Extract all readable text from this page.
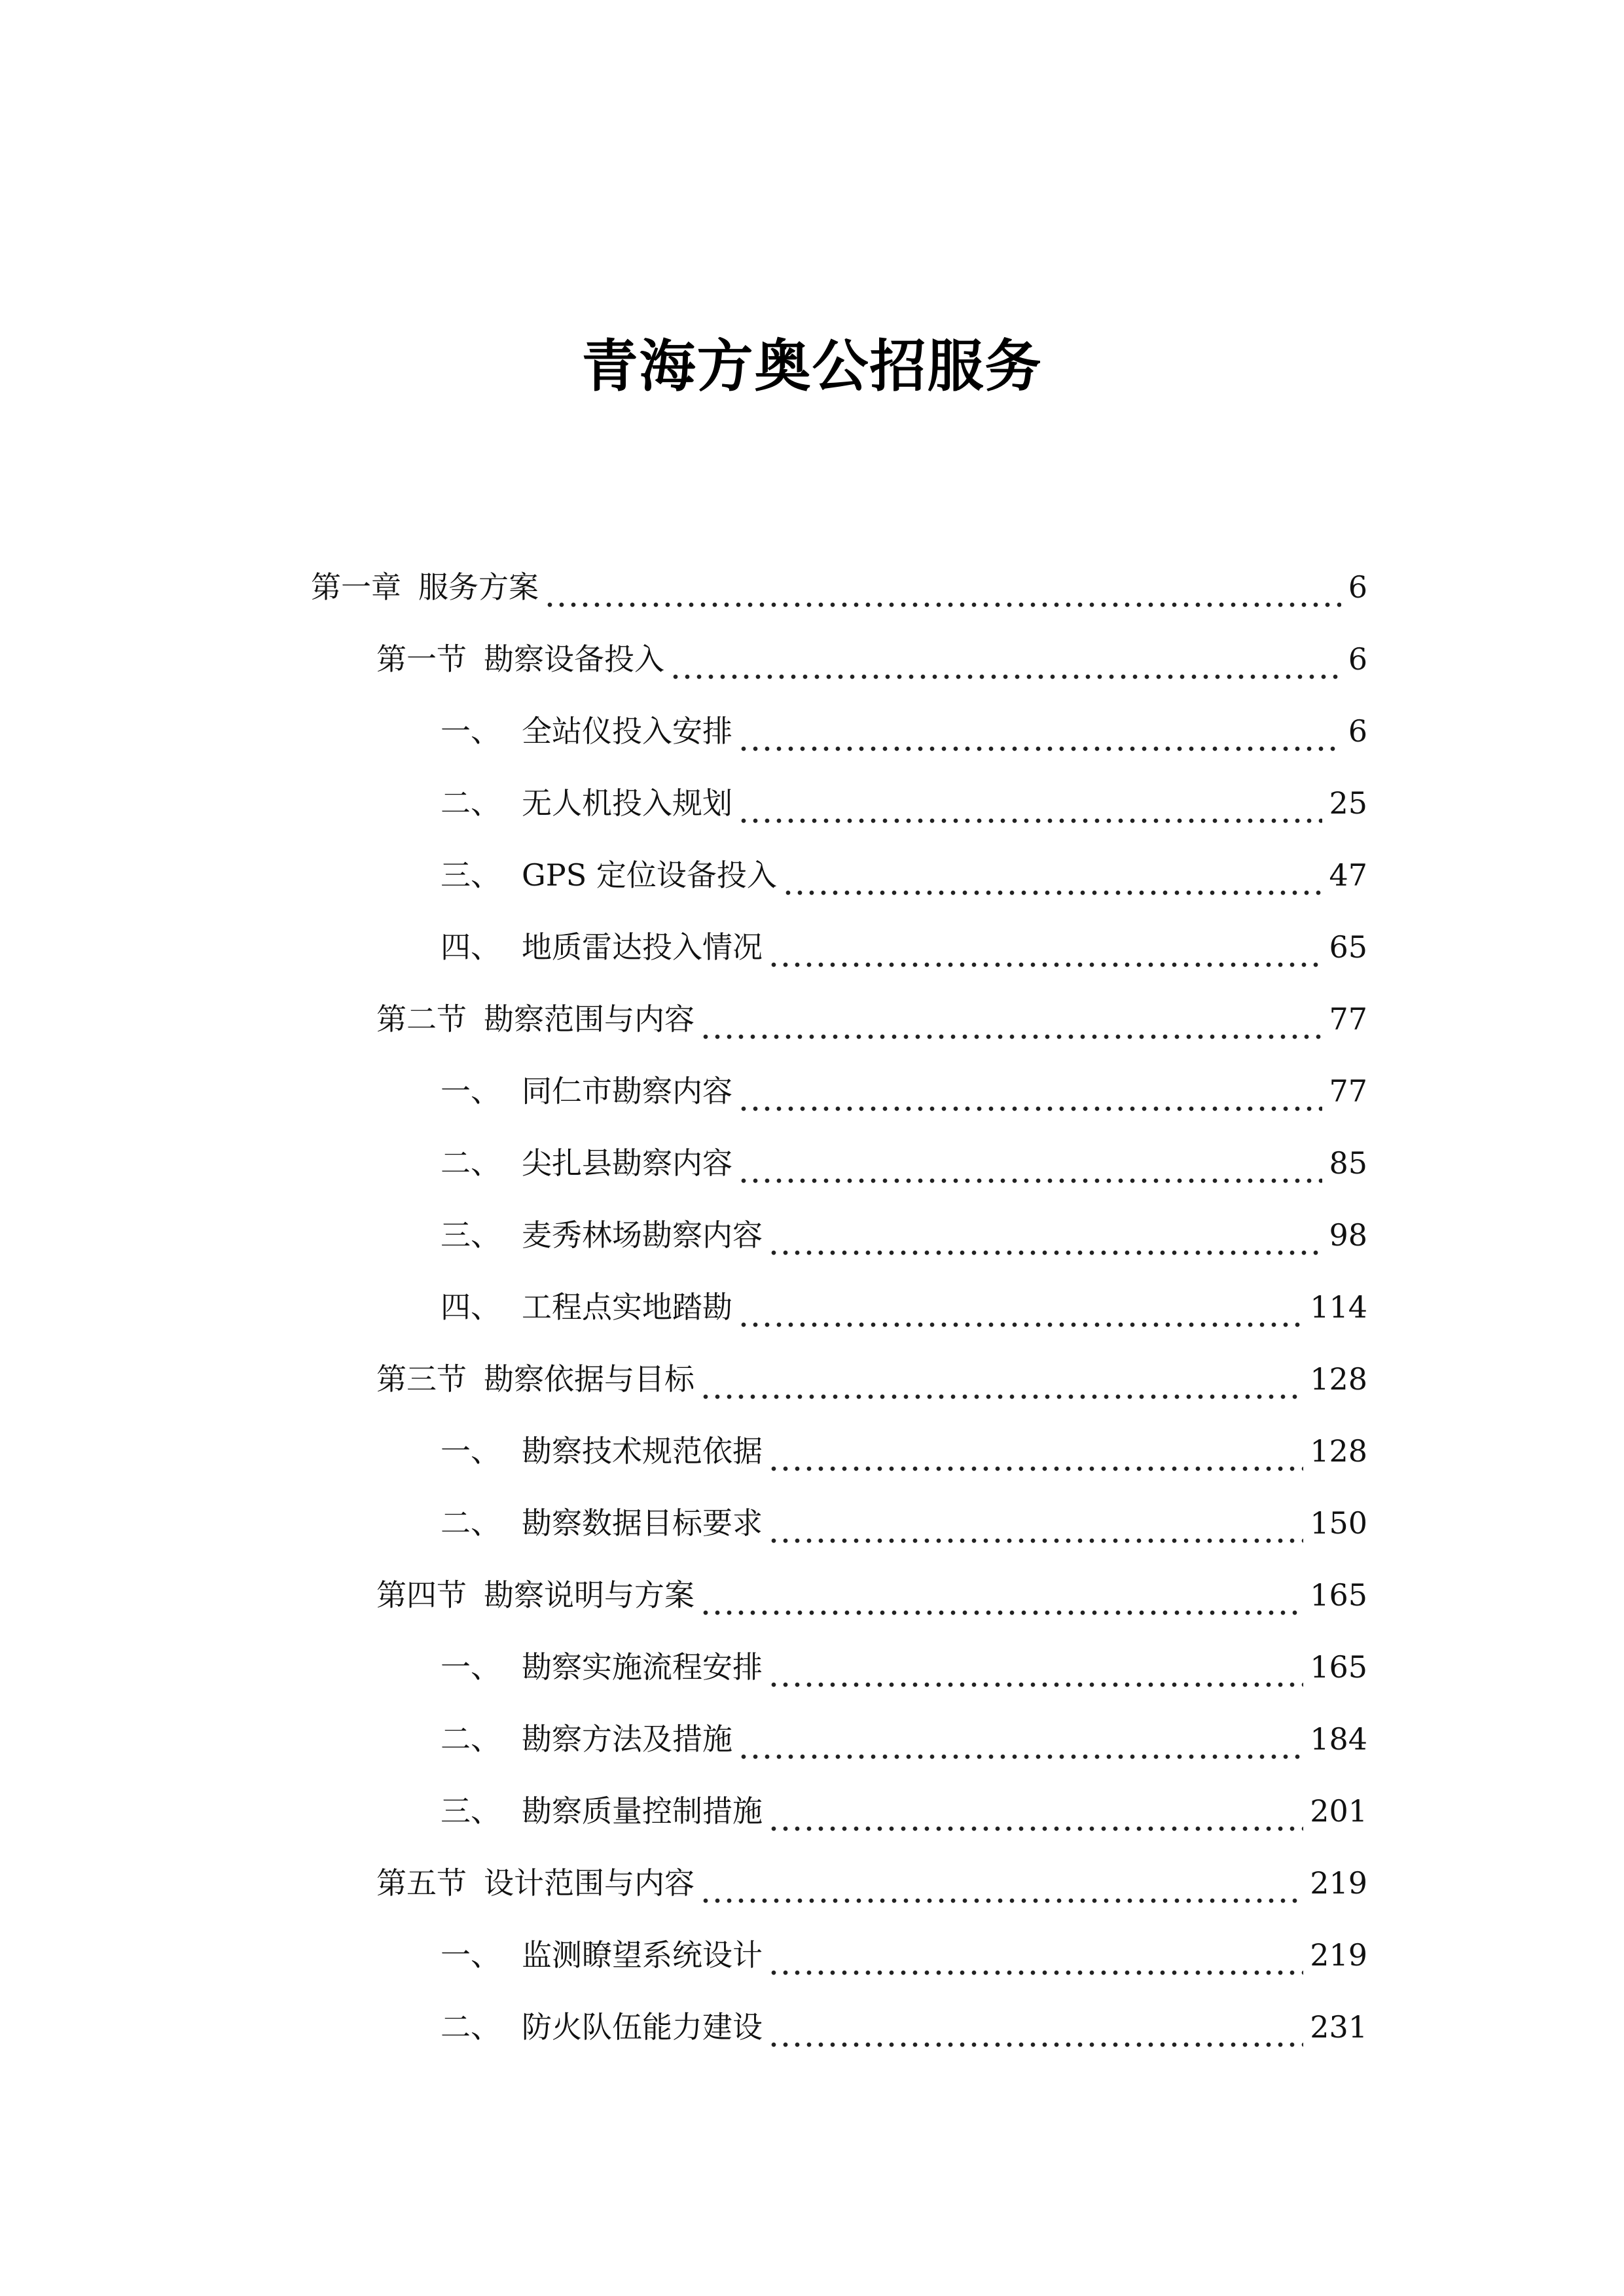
青海方奥公招服务
第一章 服务方案	6
第一节 勘察设备投入	6
一、 全站仪投入安排	6
二、 无人机投入规划	25
三、 GPS 定位设备投入	47
四、 地质雷达投入情况	65
第二节 勘察范围与内容	77
一、 同仁市勘察内容	77
二、 尖扎县勘察内容	85
三、 麦秀林场勘察内容	98
四、 工程点实地踏勘	114
第三节 勘察依据与目标	128
一、 勘察技术规范依据	128
二、 勘察数据目标要求	150
第四节 勘察说明与方案	165
一、 勘察实施流程安排	165
二、 勘察方法及措施	184
三、 勘察质量控制措施	201
第五节 设计范围与内容	219
一、 监测瞭望系统设计	219
二、 防火队伍能力建设	231
